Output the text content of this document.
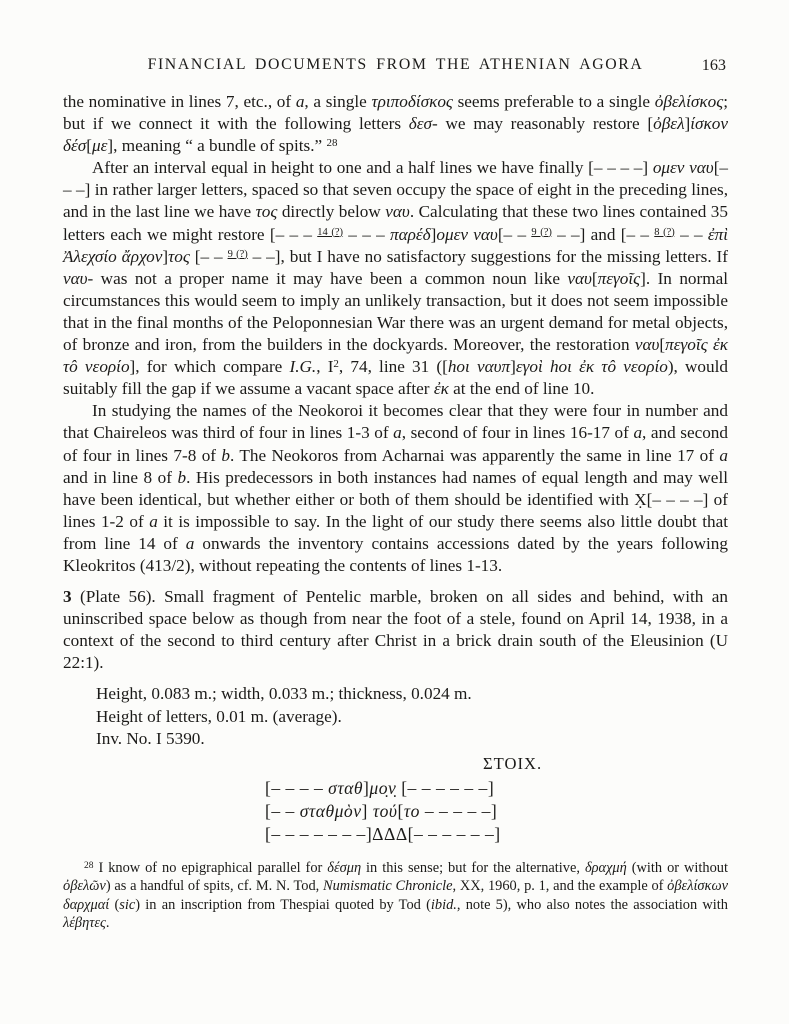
FINANCIAL DOCUMENTS FROM THE ATHENIAN AGORA	163

the nominative in lines 7, etc., of a, a single τριποδίσκος seems preferable to a single ὀβελίσκος; but if we connect it with the following letters δεσ- we may reasonably restore [ὀβελ]ίσκον δέσ[με], meaning “ a bundle of spits.” $^{28}$

After an interval equal in height to one and a half lines we have finally [– – – –] ομεν ναυ[– – –] in rather larger letters, spaced so that seven occupy the space of eight in the preceding lines, and in the last line we have τος directly below ναυ. Calculating that these two lines contained 35 letters each we might restore [– – – $^{14 (?)}$ – – – παρέδ]ομεν ναυ[– – $^{9 (?)}$ – –] and [– – $^{8 (?)}$ – – ἐπὶ Ἀλεχσίο ἄρχον]τος [– – $^{9 (?)}$ – –], but I have no satisfactory suggestions for the missing letters. If ναυ- was not a proper name it may have been a common noun like ναυ[πεγοῖς]. In normal circumstances this would seem to imply an unlikely transaction, but it does not seem impossible that in the final months of the Peloponnesian War there was an urgent demand for metal objects, of bronze and iron, from the builders in the dockyards. Moreover, the restoration ναυ[πεγοῖς ἐκ τô νεορίο], for which compare I.G., $I^2$, 74, line 31 ([hοι ναυπ]εγοὶ hοι ἐκ τô νεορίο), would suitably fill the gap if we assume a vacant space after ἐκ at the end of line 10.

In studying the names of the Neokoroi it becomes clear that they were four in number and that Chaireleos was third of four in lines 1-3 of a, second of four in lines 16-17 of a, and second of four in lines 7-8 of b. The Neokoros from Acharnai was apparently the same in line 17 of a and in line 8 of b. His predecessors in both instances had names of equal length and may well have been identical, but whether either or both of them should be identified with X̣[– – – –] of lines 1-2 of a it is impossible to say. In the light of our study there seems also little doubt that from line 14 of a onwards the inventory contains accessions dated by the years following Kleokritos (413/2), without repeating the contents of lines 1-13.

3 (Plate 56). Small fragment of Pentelic marble, broken on all sides and behind, with an uninscribed space below as though from near the foot of a stele, found on April 14, 1938, in a context of the second to third century after Christ in a brick drain south of the Eleusinion (U 22:1).

Height, 0.083 m.; width, 0.033 m.; thickness, 0.024 m.
Height of letters, 0.01 m. (average).
Inv. No. I 5390.
ΣΤΟΙΧ.
[– – – – σταθ]μο̣ν̣ [– – – – – –]
[– – σταθμὸν] τού[το – – – – –]
[– – – – – – –]ΔΔΔ[– – – – – –]

$^{28}$ I know of no epigraphical parallel for δέσμη in this sense; but for the alternative, δραχμή (with or without ὀβελῶν) as a handful of spits, cf. M. N. Tod, Numismatic Chronicle, XX, 1960, p. 1, and the example of ὀβελίσκων δαρχμαί (sic) in an inscription from Thespiai quoted by Tod (ibid., note 5), who also notes the association with λέβητες.
